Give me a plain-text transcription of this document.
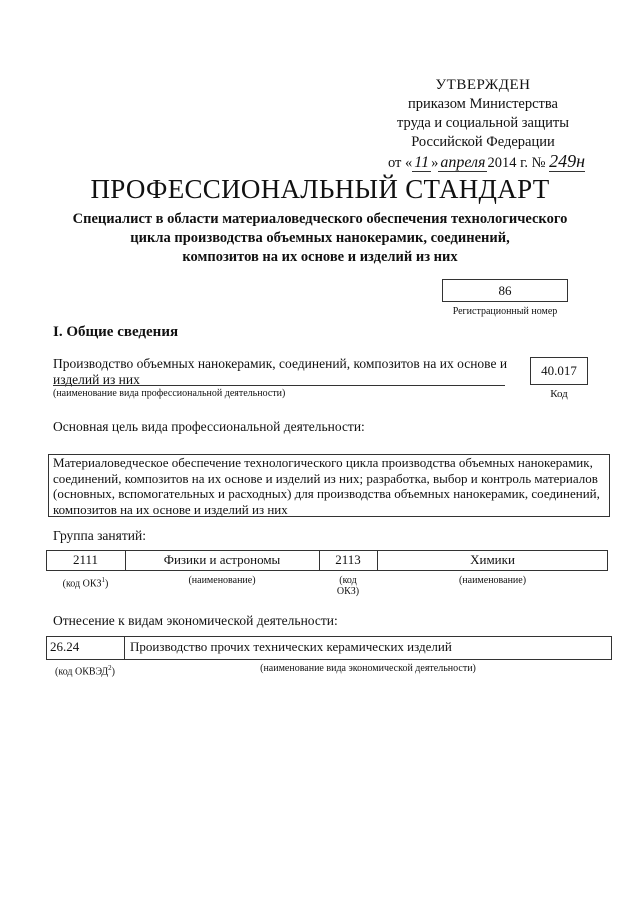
УТВЕРЖДЕН
приказом Министерства
труда и социальной защиты
Российской Федерации
от « 11 » апреля 2014 г. № 249н
ПРОФЕССИОНАЛЬНЫЙ СТАНДАРТ
Специалист в области материаловедческого обеспечения технологического
цикла производства объемных нанокерамик, соединений,
композитов на их основе и изделий из них
86
Регистрационный номер
I. Общие сведения
Производство объемных нанокерамик, соединений, композитов на их основе и
изделий из них
(наименование вида профессиональной деятельности)
40.017
Код
Основная цель вида профессиональной деятельности:
Материаловедческое обеспечение технологического цикла производства объемных нанокерамик,
соединений, композитов на их основе и изделий из них; разработка, выбор и контроль материалов
(основных, вспомогательных и расходных) для производства объемных нанокерамик, соединений,
композитов на их основе и изделий из них
Группа занятий:
2111	Физики и астрономы	2113	Химики
(код ОКЗ$^1$)	(наименование)	(код
ОКЗ)
(наименование)
Отнесение к видам экономической деятельности:
26.24	Производство прочих технических керамических изделий
(код ОКВЭД$^2$)	(наименование вида экономической деятельности)
